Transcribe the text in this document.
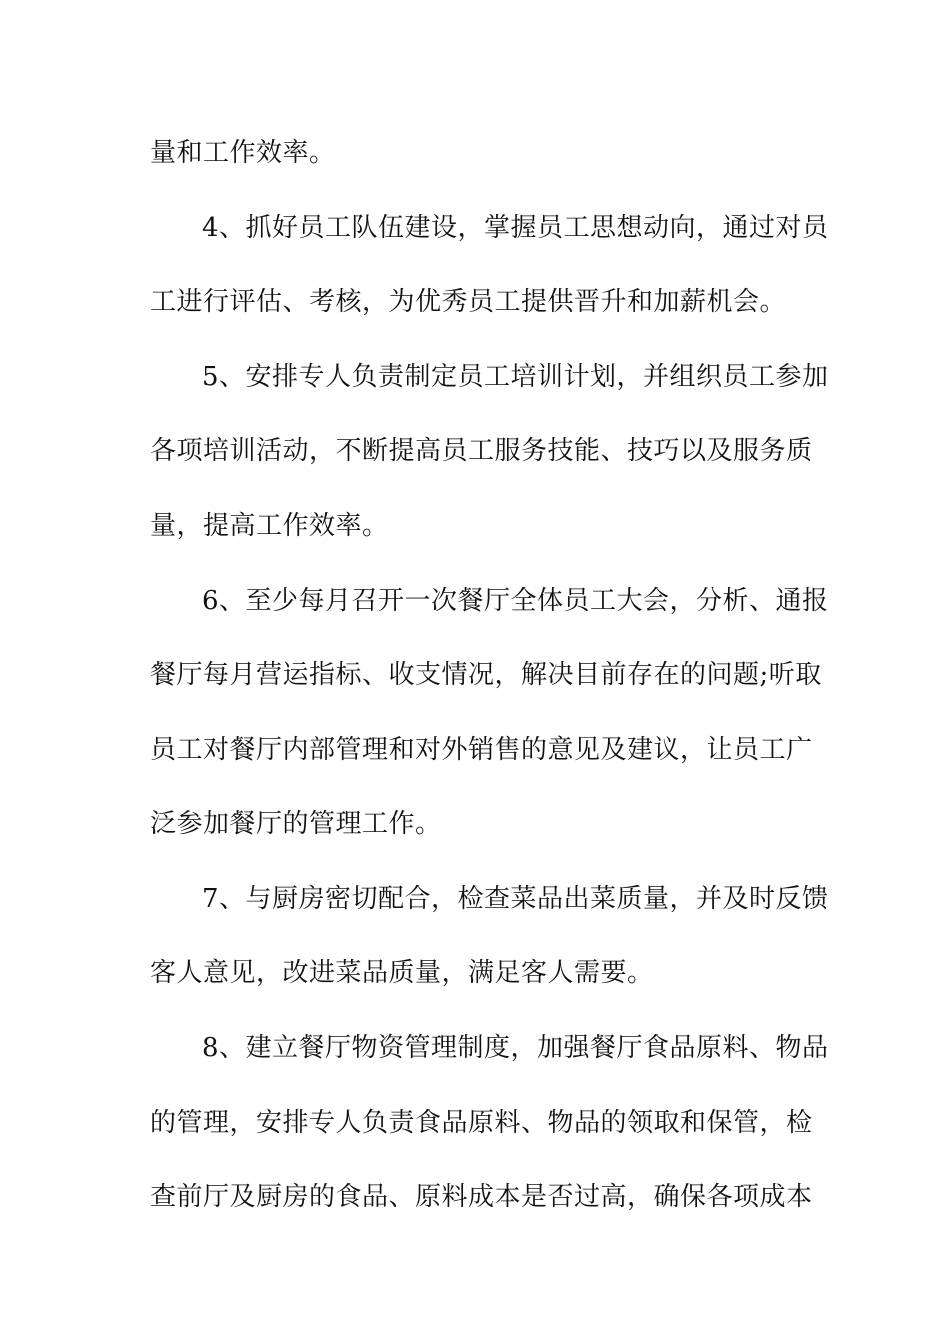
量和工作效率。
4、抓好员工队伍建设，掌握员工思想动向，通过对员
工进行评估、考核，为优秀员工提供晋升和加薪机会。
5、安排专人负责制定员工培训计划，并组织员工参加
各项培训活动，不断提高员工服务技能、技巧以及服务质
量，提高工作效率。
6、至少每月召开一次餐厅全体员工大会，分析、通报
餐厅每月营运指标、收支情况，解决目前存在的问题;听取
员工对餐厅内部管理和对外销售的意见及建议，让员工广
泛参加餐厅的管理工作。
7、与厨房密切配合，检查菜品出菜质量，并及时反馈
客人意见，改进菜品质量，满足客人需要。
8、建立餐厅物资管理制度，加强餐厅食品原料、物品
的管理，安排专人负责食品原料、物品的领取和保管，检
查前厅及厨房的食品、原料成本是否过高，确保各项成本
